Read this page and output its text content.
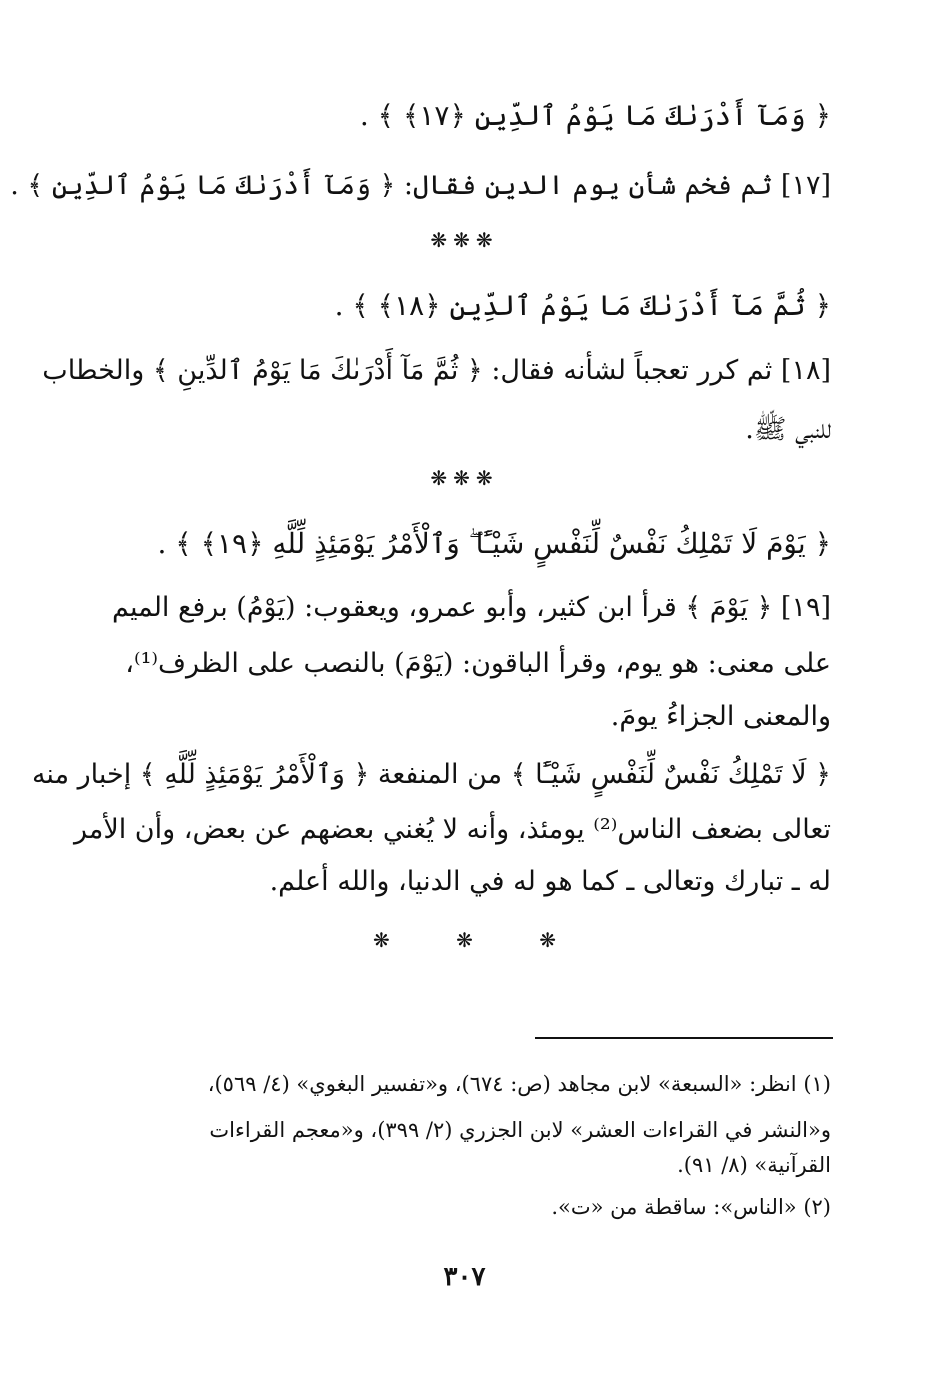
﴿ وَمَآ أَدْرَىٰكَ مَا يَوْمُ ٱلدِّينِ ﴿١٧﴾ ﴾ .
[١٧] ثم فخم شأن يوم الدين فقال: ﴿ وَمَآ أَدْرَىٰكَ مَا يَوْمُ ٱلدِّينِ ﴾ .
❋❋❋
﴿ ثُمَّ مَآ أَدْرَىٰكَ مَا يَوْمُ ٱلدِّينِ ﴿١٨﴾ ﴾ .
[١٨] ثم كرر تعجباً لشأنه فقال: ﴿ ثُمَّ مَآ أَدْرَىٰكَ مَا يَوْمُ ٱلدِّينِ ﴾ والخطاب
للنبي ﷺ.
❋❋❋
﴿ يَوْمَ لَا تَمْلِكُ نَفْسٌ لِّنَفْسٍ شَيْـًٔا ۖ وَٱلْأَمْرُ يَوْمَئِذٍ لِّلَّهِ ﴿١٩﴾ ﴾ .
[١٩] ﴿ يَوْمَ ﴾ قرأ ابن كثير، وأبو عمرو، ويعقوب: (يَوْمُ) برفع الميم
على معنى: هو يوم، وقرأ الباقون: (يَوْمَ) بالنصب على الظرف⁽¹⁾،
والمعنى الجزاءُ يومَ.
﴿ لَا تَمْلِكُ نَفْسٌ لِّنَفْسٍ شَيْـًٔا ﴾ من المنفعة ﴿ وَٱلْأَمْرُ يَوْمَئِذٍ لِّلَّهِ ﴾ إخبار منه
تعالى بضعف الناس⁽²⁾ يومئذ، وأنه لا يُغني بعضهم عن بعض، وأن الأمر
له ـ تبارك وتعالى ـ كما هو له في الدنيا، والله أعلم.
❋ ❋ ❋
(١) انظر: «السبعة» لابن مجاهد (ص: ٦٧٤)، و«تفسير البغوي» (٤/ ٥٦٩)،
و«النشر في القراءات العشر» لابن الجزري (٢/ ٣٩٩)، و«معجم القراءات
القرآنية» (٨/ ٩١).
(٢) «الناس»: ساقطة من «ت».
٣٠٧
